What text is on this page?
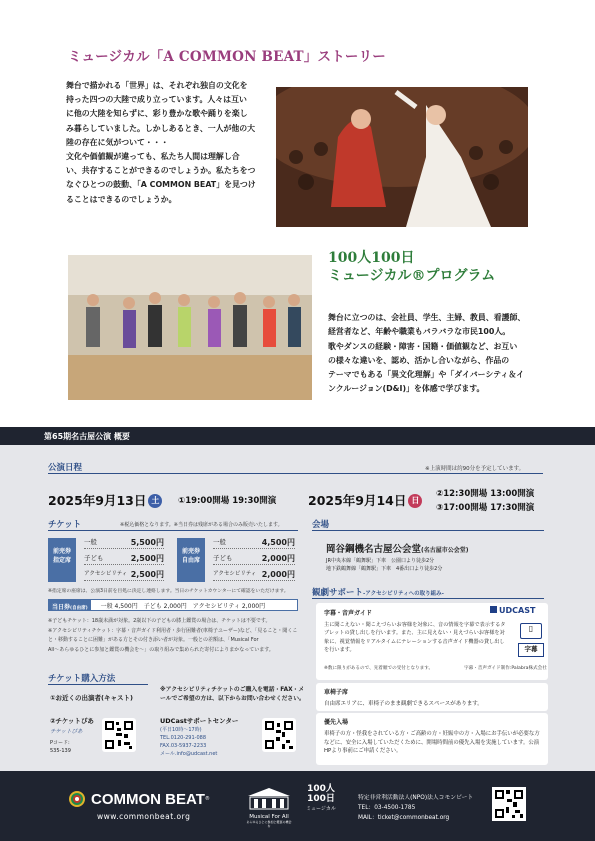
ミュージカル「A COMMON BEAT」ストーリー
舞台で描かれる「世界」は、それぞれ独自の文化を
持った四つの大陸で成り立っています。人々は互い
に他の大陸を知らずに、彩り豊かな歌や踊りを楽し
み暮らしていました。しかしあるとき、一人が他の大
陸の存在に気がついて・・・
文化や価値観が違っても、私たち人間は理解し合
い、共存することができるのでしょうか。私たちをつ
なぐひとつの鼓動、「A COMMON BEAT」を見つけ
ることはできるのでしょうか。
100人100日
ミュージカル®プログラム
舞台に立つのは、会社員、学生、主婦、教員、看護師、
経営者など、年齢や職業もバラバラな市民100人。
歌やダンスの経験・障害・国籍・価値観など、お互い
の様々な違いを、認め、活かし合いながら、作品の
テーマでもある「異文化理解」や「ダイバーシティ＆イ
ンクルージョン(D&I)」を体感で学びます。
第65期名古屋公演 概要
公演日程	※上演時間は約90分を予定しています。
2025年9月13日 土	①19:00開場 19:30開演	2025年9月14日 日
②12:30開場 13:00開演
③17:00開場 17:30開演
チケット	※税込価格となります。※当日券は残席がある場合のみ販売いたします。
前売券
指定席
一般	5,500円
子ども	2,500円
アクセシビリティ 2,500円
前売券
自由席
一般	4,500円
子ども	2,000円
アクセシビリティ 2,000円
※指定席の座席は、公演3日前を目処に決定し連絡します。当日のチケットカウンターにて確認をいただけます。
当日券(自由席)	一般 4,500円　子ども 2,000円　アクセシビリティ 2,000円
※子どもチケット：18歳未満が対象。2歳以下の子どもの膝上鑑賞の場合は、チケットは不要です。
※アクセシビリティチケット：字幕・音声ガイド利用者・歩行困難者(車椅子ユーザー)など、「見ること・聞くこと・移動することに困難」がある方とその付き添い者が対象。一般との差額は、「Musical For
All〜あらゆるひとに参加と鑑賞の機会を〜」の取り組みで集められた寄付によりまかなっています。
チケット購入方法
①お近くの出演者(キャスト)
②チケットぴあ
チケットぴあ
Pコード:
535-139
※アクセシビリティチケットのご購入を電話・FAX・メールでご希望の方は、以下からお問い合わせください。
UDCastサポートセンター
(平日10時〜17時)
TEL.0120-291-088
FAX.03-5937-2233
メール.info@udcast.net
会場
岡谷鋼機名古屋公会堂(名古屋市公会堂)
JR中央本線「鶴舞駅」下車　公園口より徒歩2分
地下鉄鶴舞線「鶴舞駅」下車　4番出口より徒歩2分
観劇サポート-アクセシビリティへの取り組み-
字幕・音声ガイド	UDCAST
主に聞こえない・聞こえづらいお客様を対象に、音の情報を字幕で表示するタブレットの貸し出しを行います。また、主に見えない・見えづらいお客様を対象に、視覚情報をリアルタイムにナレーションする音声ガイド機器の貸し出しを行います。
▯
字幕
※数に限りがあるので、先着順での受付となります。	字幕・音声ガイド制作:Palabra株式会社
車椅子席
自由席エリアに、車椅子のまま観劇できるスペースがあります。
優先入場
車椅子の方・怪我をされている方・ご高齢の方・妊娠中の方・入場にお手伝いが必要な方などに、安全に入場していただくために、開場時間前の優先入場を実施しています。公演HPより事前にご申請ください。
COMMON BEAT ®
www.commonbeat.org	Musical For All
あらゆるひとに参加と鑑賞の機会を
100人
100日
ミュージカル
特定非営利活動法人(NPO)法人コモンビート
TEL：03-4500-1785
MAIL：ticket@commonbeat.org
